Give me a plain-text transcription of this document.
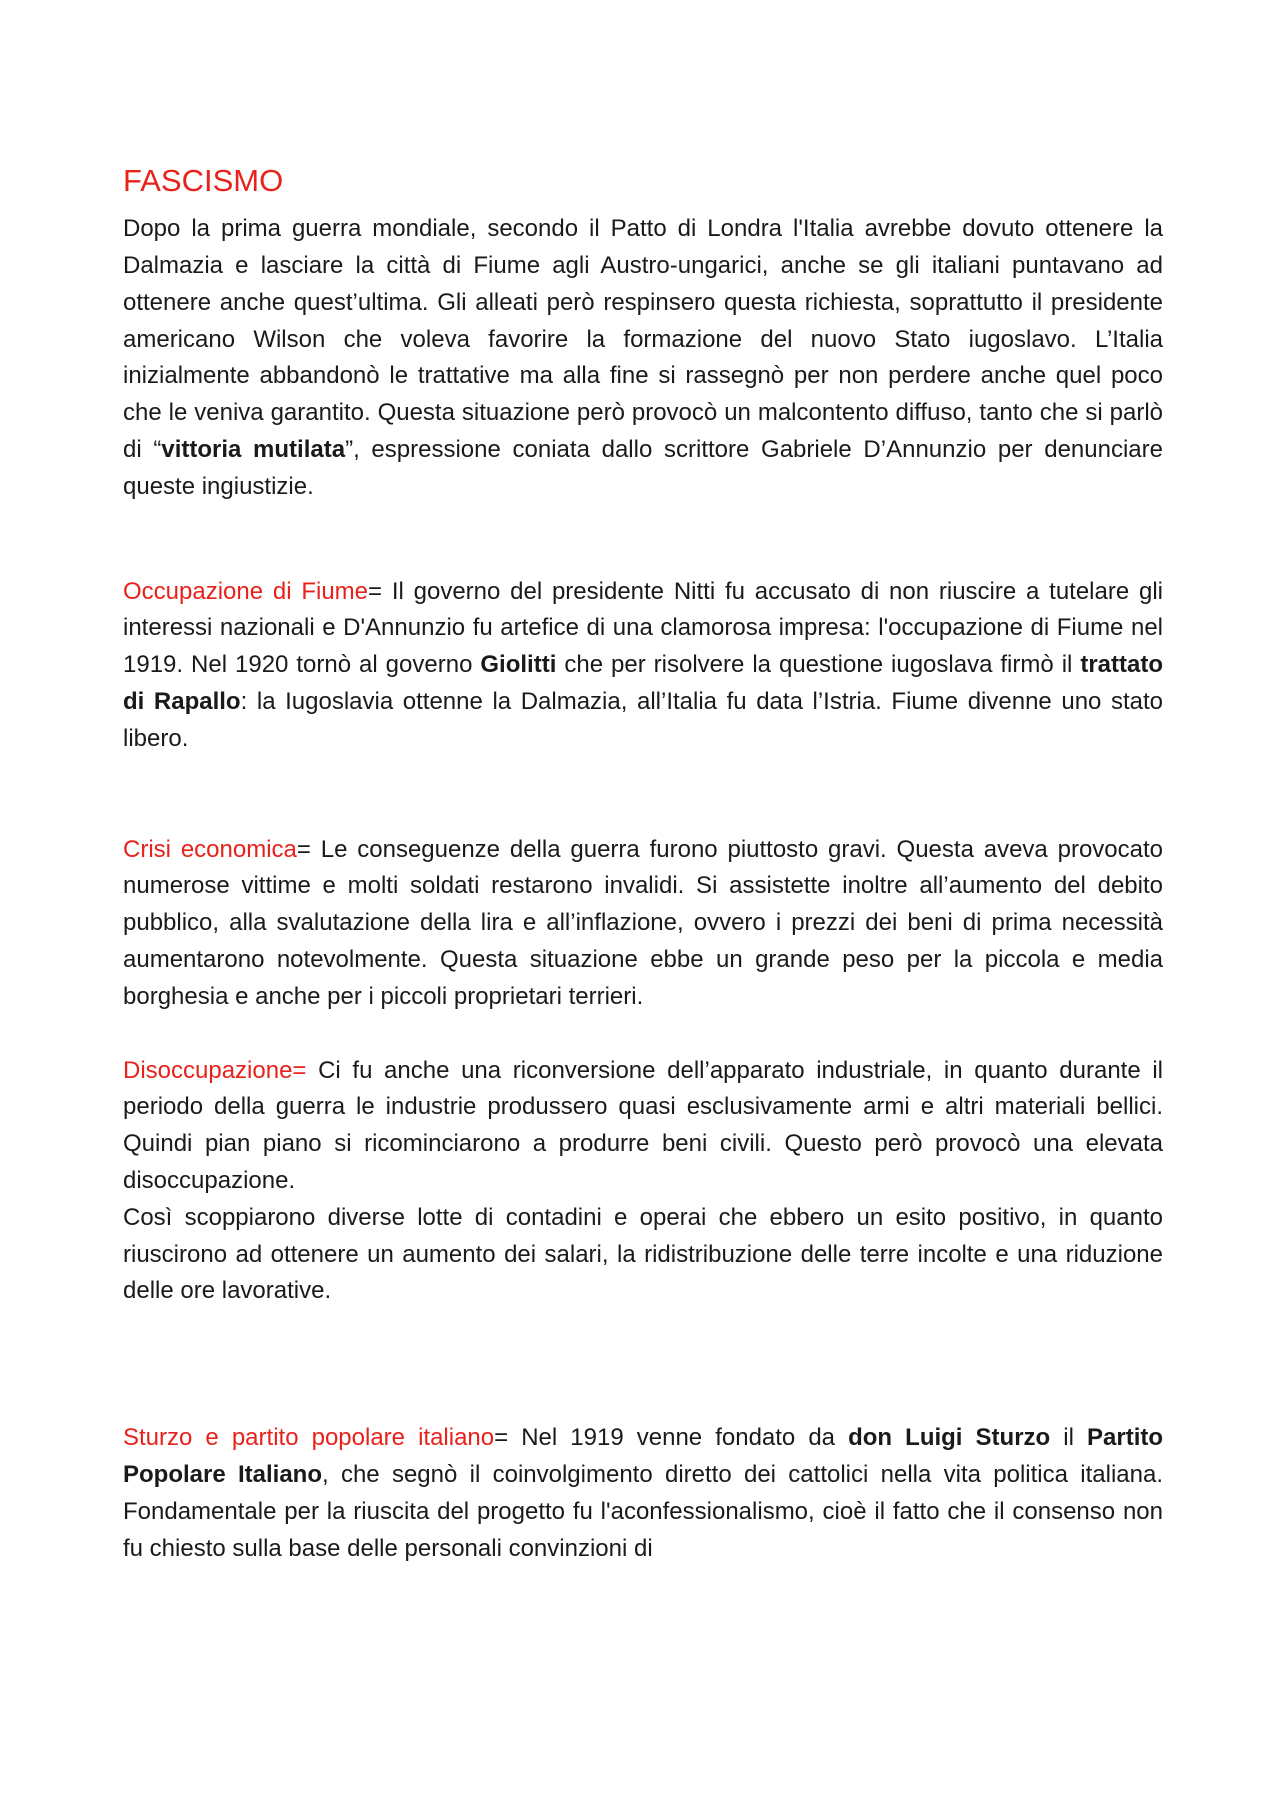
FASCISMO

Dopo la prima guerra mondiale, secondo il Patto di Londra l'Italia avrebbe dovuto ottenere la Dalmazia e lasciare la città di Fiume agli Austro-ungarici, anche se gli italiani puntavano ad ottenere anche quest’ultima. Gli alleati però respinsero questa richiesta, soprattutto il presidente americano Wilson che voleva favorire la formazione del nuovo Stato iugoslavo. L’Italia inizialmente abbandonò le trattative ma alla fine si rassegnò per non perdere anche quel poco che le veniva garantito. Questa situazione però provocò un malcontento diffuso, tanto che si parlò di “vittoria mutilata”, espressione coniata dallo scrittore Gabriele D’Annunzio per denunciare queste ingiustizie.

Occupazione di Fiume= Il governo del presidente Nitti fu accusato di non riuscire a tutelare gli interessi nazionali e D'Annunzio fu artefice di una clamorosa impresa: l'occupazione di Fiume nel 1919. Nel 1920 tornò al governo Giolitti che per risolvere la questione iugoslava firmò il trattato di Rapallo: la Iugoslavia ottenne la Dalmazia, all’Italia fu data l’Istria. Fiume divenne uno stato libero.

Crisi economica= Le conseguenze della guerra furono piuttosto gravi. Questa aveva provocato numerose vittime e molti soldati restarono invalidi. Si assistette inoltre all’aumento del debito pubblico, alla svalutazione della lira e all’inflazione, ovvero i prezzi dei beni di prima necessità aumentarono notevolmente. Questa situazione ebbe un grande peso per la piccola e media borghesia e anche per i piccoli proprietari terrieri.

Disoccupazione= Ci fu anche una riconversione dell’apparato industriale, in quanto durante il periodo della guerra le industrie produssero quasi esclusivamente armi e altri materiali bellici. Quindi pian piano si ricominciarono a produrre beni civili. Questo però provocò una elevata disoccupazione.

Così scoppiarono diverse lotte di contadini e operai che ebbero un esito positivo, in quanto riuscirono ad ottenere un aumento dei salari, la ridistribuzione delle terre incolte e una riduzione delle ore lavorative.

Sturzo e partito popolare italiano= Nel 1919 venne fondato da don Luigi Sturzo il Partito Popolare Italiano, che segnò il coinvolgimento diretto dei cattolici nella vita politica italiana. Fondamentale per la riuscita del progetto fu l'aconfessionalismo, cioè il fatto che il consenso non fu chiesto sulla base delle personali convinzioni di
